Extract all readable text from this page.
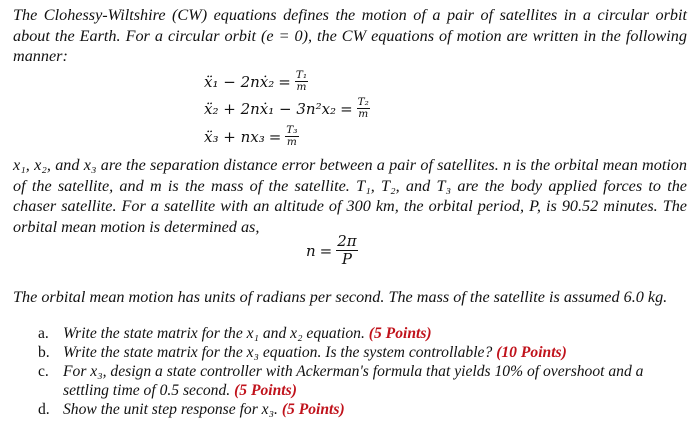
The Clohessy-Wiltshire (CW) equations defines the motion of a pair of satellites in a circular orbit about the Earth. For a circular orbit (e = 0), the CW equations of motion are written in the following manner:
ẍ₁ − 2nẋ₂ = $\frac{\text{T₁}}{m}$
ẍ₂ + 2nẋ₁ − $3n^2x_2 = \frac{\text{T₂}}{m}$
ẍ₃ + $nx_3 = \frac{\text{T₃}}{m}$
x₁, x₂, and x₃ are the separation distance error between a pair of satellites. n is the orbital mean motion of the satellite, and m is the mass of the satellite. T₁, T₂, and T₃ are the body applied forces to the chaser satellite. For a satellite with an altitude of 300 km, the orbital period, P, is 90.52 minutes. The orbital mean motion is determined as,
$n = \frac{2\pi}{P}$
The orbital mean motion has units of radians per second. The mass of the satellite is assumed 6.0 kg.
a. Write the state matrix for the x₁ and x₂ equation. (5 Points)
b. Write the state matrix for the x₃ equation. Is the system controllable? (10 Points)
c. For x₃, design a state controller with Ackerman's formula that yields 10% of overshoot and a settling time of 0.5 second. (5 Points)
d. Show the unit step response for x₃. (5 Points)
